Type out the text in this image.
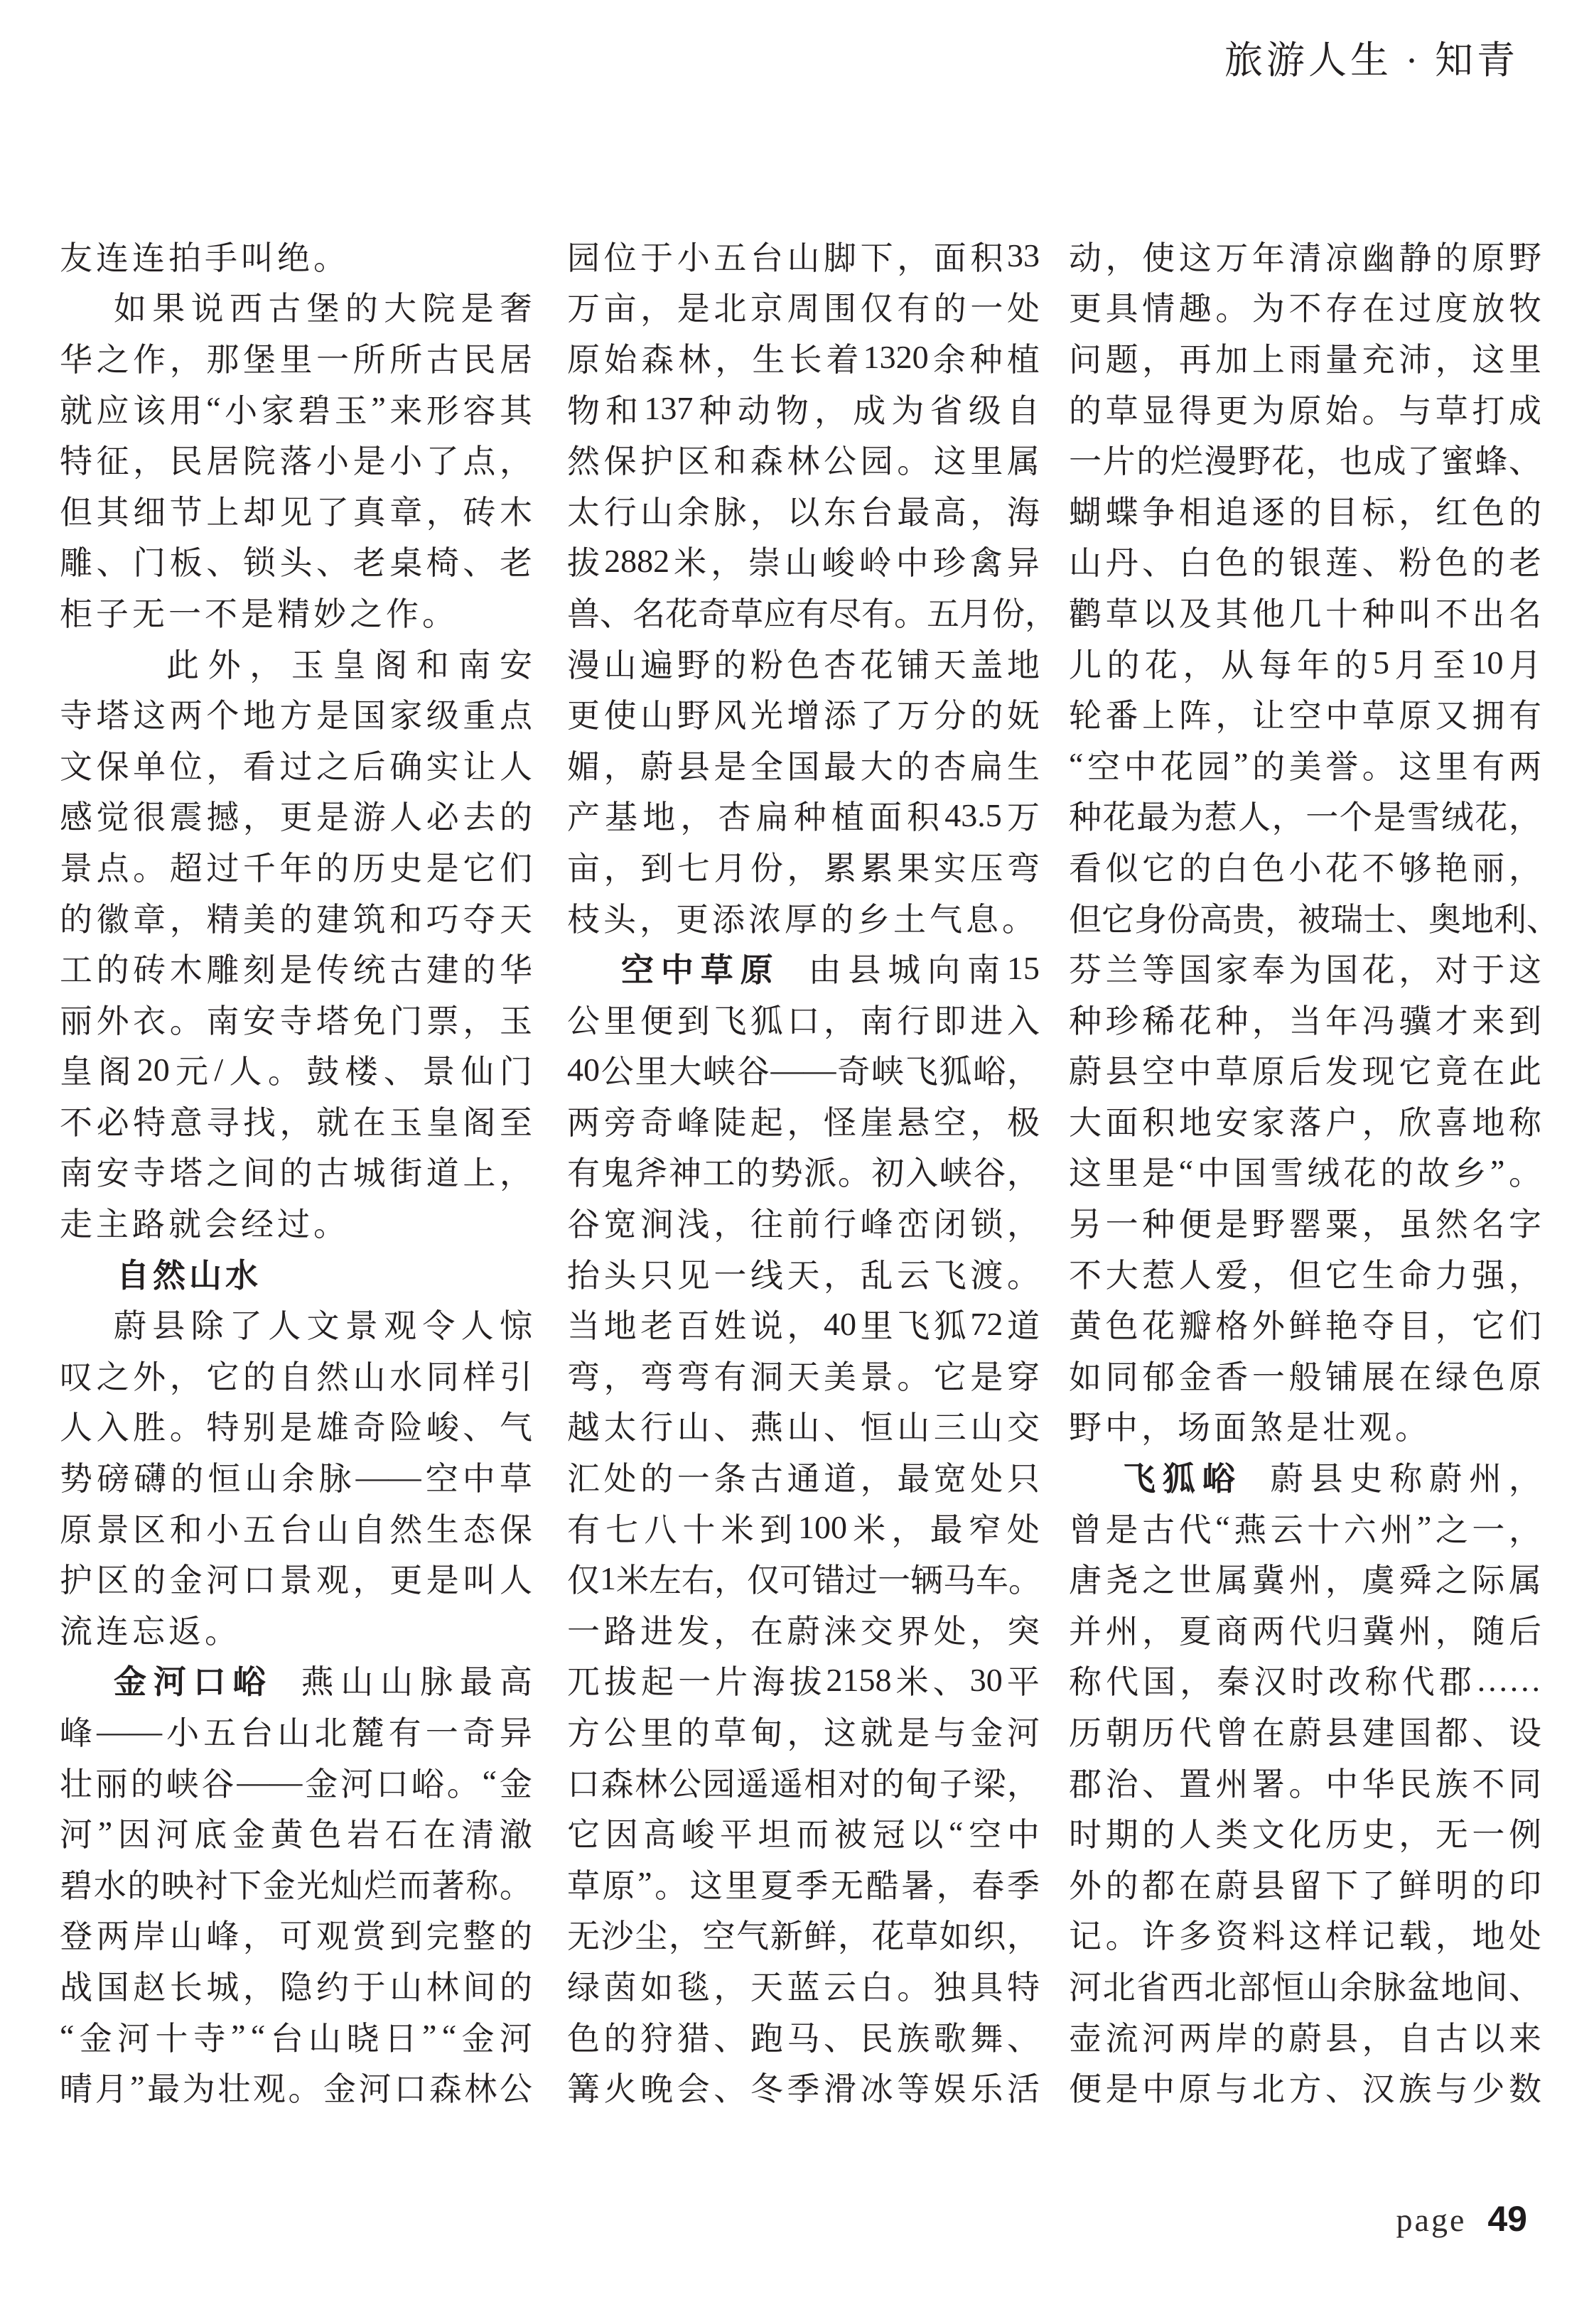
旅游人生 · 知青
友 连 连 拍 手 叫 绝 。
如 果 说 西 古 堡 的 大 院 是 奢
华 之 作 ， 那 堡 里 一 所 所 古 民 居
就 应 该 用 “ 小 家 碧 玉 ” 来 形 容 其
特 征 ， 民 居 院 落 小 是 小 了 点 ，
但 其 细 节 上 却 见 了 真 章 ， 砖 木
雕 、 门 板 、 锁 头 、 老 桌 椅 、 老
柜 子 无 一 不 是 精 妙 之 作 。
此 外 ， 玉 皇 阁 和 南 安
寺 塔 这 两 个 地 方 是 国 家 级 重 点
文 保 单 位 ， 看 过 之 后 确 实 让 人
感 觉 很 震 撼 ， 更 是 游 人 必 去 的
景 点 。 超 过 千 年 的 历 史 是 它 们
的 徽 章 ， 精 美 的 建 筑 和 巧 夺 天
工 的 砖 木 雕 刻 是 传 统 古 建 的 华
丽 外 衣 。 南 安 寺 塔 免 门 票 ， 玉
皇 阁 20 元 / 人 。 鼓 楼 、 景 仙 门
不 必 特 意 寻 找 ， 就 在 玉 皇 阁 至
南 安 寺 塔 之 间 的 古 城 街 道 上 ，
走 主 路 就 会 经 过 。
自 然 山 水
蔚 县 除 了 人 文 景 观 令 人 惊
叹 之 外 ， 它 的 自 然 山 水 同 样 引
人 入 胜 。 特 别 是 雄 奇 险 峻 、 气
势 磅 礴 的 恒 山 余 脉 —— 空 中 草
原 景 区 和 小 五 台 山 自 然 生 态 保
护 区 的 金 河 口 景 观 ， 更 是 叫 人
流 连 忘 返 。
金 河 口 峪 燕 山 山 脉 最 高
峰 —— 小 五 台 山 北 麓 有 一 奇 异
壮 丽 的 峡 谷 —— 金 河 口 峪 。 “ 金
河 ” 因 河 底 金 黄 色 岩 石 在 清 澈
碧 水 的 映 衬 下 金 光 灿 烂 而 著 称 。
登 两 岸 山 峰 ， 可 观 赏 到 完 整 的
战 国 赵 长 城 ， 隐 约 于 山 林 间 的
“ 金 河 十 寺 ” “ 台 山 晓 日 ” “ 金 河
晴 月 ” 最 为 壮 观 。 金 河 口 森 林 公
园 位 于 小 五 台 山 脚 下 ， 面 积 33
万 亩 ， 是 北 京 周 围 仅 有 的 一 处
原 始 森 林 ， 生 长 着 1320 余 种 植
物 和 137 种 动 物 ， 成 为 省 级 自
然 保 护 区 和 森 林 公 园 。 这 里 属
太 行 山 余 脉 ， 以 东 台 最 高 ， 海
拔 2882 米 ， 崇 山 峻 岭 中 珍 禽 异
兽 、 名 花 奇 草 应 有 尽 有 。 五 月 份 ，
漫 山 遍 野 的 粉 色 杏 花 铺 天 盖 地
更 使 山 野 风 光 增 添 了 万 分 的 妩
媚 ， 蔚 县 是 全 国 最 大 的 杏 扁 生
产 基 地 ， 杏 扁 种 植 面 积 43.5 万
亩 ， 到 七 月 份 ， 累 累 果 实 压 弯
枝 头 ， 更 添 浓 厚 的 乡 土 气 息 。
空 中 草 原 由 县 城 向 南 15
公 里 便 到 飞 狐 口 ， 南 行 即 进 入
40 公 里 大 峡 谷 —— 奇 峡 飞 狐 峪 ，
两 旁 奇 峰 陡 起 ， 怪 崖 悬 空 ， 极
有 鬼 斧 神 工 的 势 派 。 初 入 峡 谷 ，
谷 宽 涧 浅 ， 往 前 行 峰 峦 闭 锁 ，
抬 头 只 见 一 线 天 ， 乱 云 飞 渡 。
当 地 老 百 姓 说 ， 40 里 飞 狐 72 道
弯 ， 弯 弯 有 洞 天 美 景 。 它 是 穿
越 太 行 山 、 燕 山 、 恒 山 三 山 交
汇 处 的 一 条 古 通 道 ， 最 宽 处 只
有 七 八 十 米 到 100 米 ， 最 窄 处
仅 1 米 左 右 ， 仅 可 错 过 一 辆 马 车 。
一 路 进 发 ， 在 蔚 涞 交 界 处 ， 突
兀 拔 起 一 片 海 拔 2158 米 、 30 平
方 公 里 的 草 甸 ， 这 就 是 与 金 河
口 森 林 公 园 遥 遥 相 对 的 甸 子 梁 ，
它 因 高 峻 平 坦 而 被 冠 以 “ 空 中
草 原 ” 。 这 里 夏 季 无 酷 暑 ， 春 季
无 沙 尘 ， 空 气 新 鲜 ， 花 草 如 织 ，
绿 茵 如 毯 ， 天 蓝 云 白 。 独 具 特
色 的 狩 猎 、 跑 马 、 民 族 歌 舞 、
篝 火 晚 会 、 冬 季 滑 冰 等 娱 乐 活
动 ， 使 这 万 年 清 凉 幽 静 的 原 野
更 具 情 趣 。 为 不 存 在 过 度 放 牧
问 题 ， 再 加 上 雨 量 充 沛 ， 这 里
的 草 显 得 更 为 原 始 。 与 草 打 成
一 片 的 烂 漫 野 花 ， 也 成 了 蜜 蜂 、
蝴 蝶 争 相 追 逐 的 目 标 ， 红 色 的
山 丹 、 白 色 的 银 莲 、 粉 色 的 老
鹳 草 以 及 其 他 几 十 种 叫 不 出 名
儿 的 花 ， 从 每 年 的 5 月 至 10 月
轮 番 上 阵 ， 让 空 中 草 原 又 拥 有
“ 空 中 花 园 ” 的 美 誉 。 这 里 有 两
种 花 最 为 惹 人 ， 一 个 是 雪 绒 花 ，
看 似 它 的 白 色 小 花 不 够 艳 丽 ，
但 它 身 份 高 贵 ， 被 瑞 士 、 奥 地 利 、
芬 兰 等 国 家 奉 为 国 花 ， 对 于 这
种 珍 稀 花 种 ， 当 年 冯 骥 才 来 到
蔚 县 空 中 草 原 后 发 现 它 竟 在 此
大 面 积 地 安 家 落 户 ， 欣 喜 地 称
这 里 是 “ 中 国 雪 绒 花 的 故 乡 ” 。
另 一 种 便 是 野 罂 粟 ， 虽 然 名 字
不 大 惹 人 爱 ， 但 它 生 命 力 强 ，
黄 色 花 瓣 格 外 鲜 艳 夺 目 ， 它 们
如 同 郁 金 香 一 般 铺 展 在 绿 色 原
野 中 ， 场 面 煞 是 壮 观 。
飞 狐 峪 蔚 县 史 称 蔚 州 ，
曾 是 古 代 “ 燕 云 十 六 州 ” 之 一 ，
唐 尧 之 世 属 冀 州 ， 虞 舜 之 际 属
并 州 ， 夏 商 两 代 归 冀 州 ， 随 后
称 代 国 ， 秦 汉 时 改 称 代 郡 ……
历 朝 历 代 曾 在 蔚 县 建 国 都 、 设
郡 治 、 置 州 署 。 中 华 民 族 不 同
时 期 的 人 类 文 化 历 史 ， 无 一 例
外 的 都 在 蔚 县 留 下 了 鲜 明 的 印
记 。 许 多 资 料 这 样 记 载 ， 地 处
河 北 省 西 北 部 恒 山 余 脉 盆 地 间 、
壶 流 河 两 岸 的 蔚 县 ， 自 古 以 来
便 是 中 原 与 北 方 、 汉 族 与 少 数
page 49
